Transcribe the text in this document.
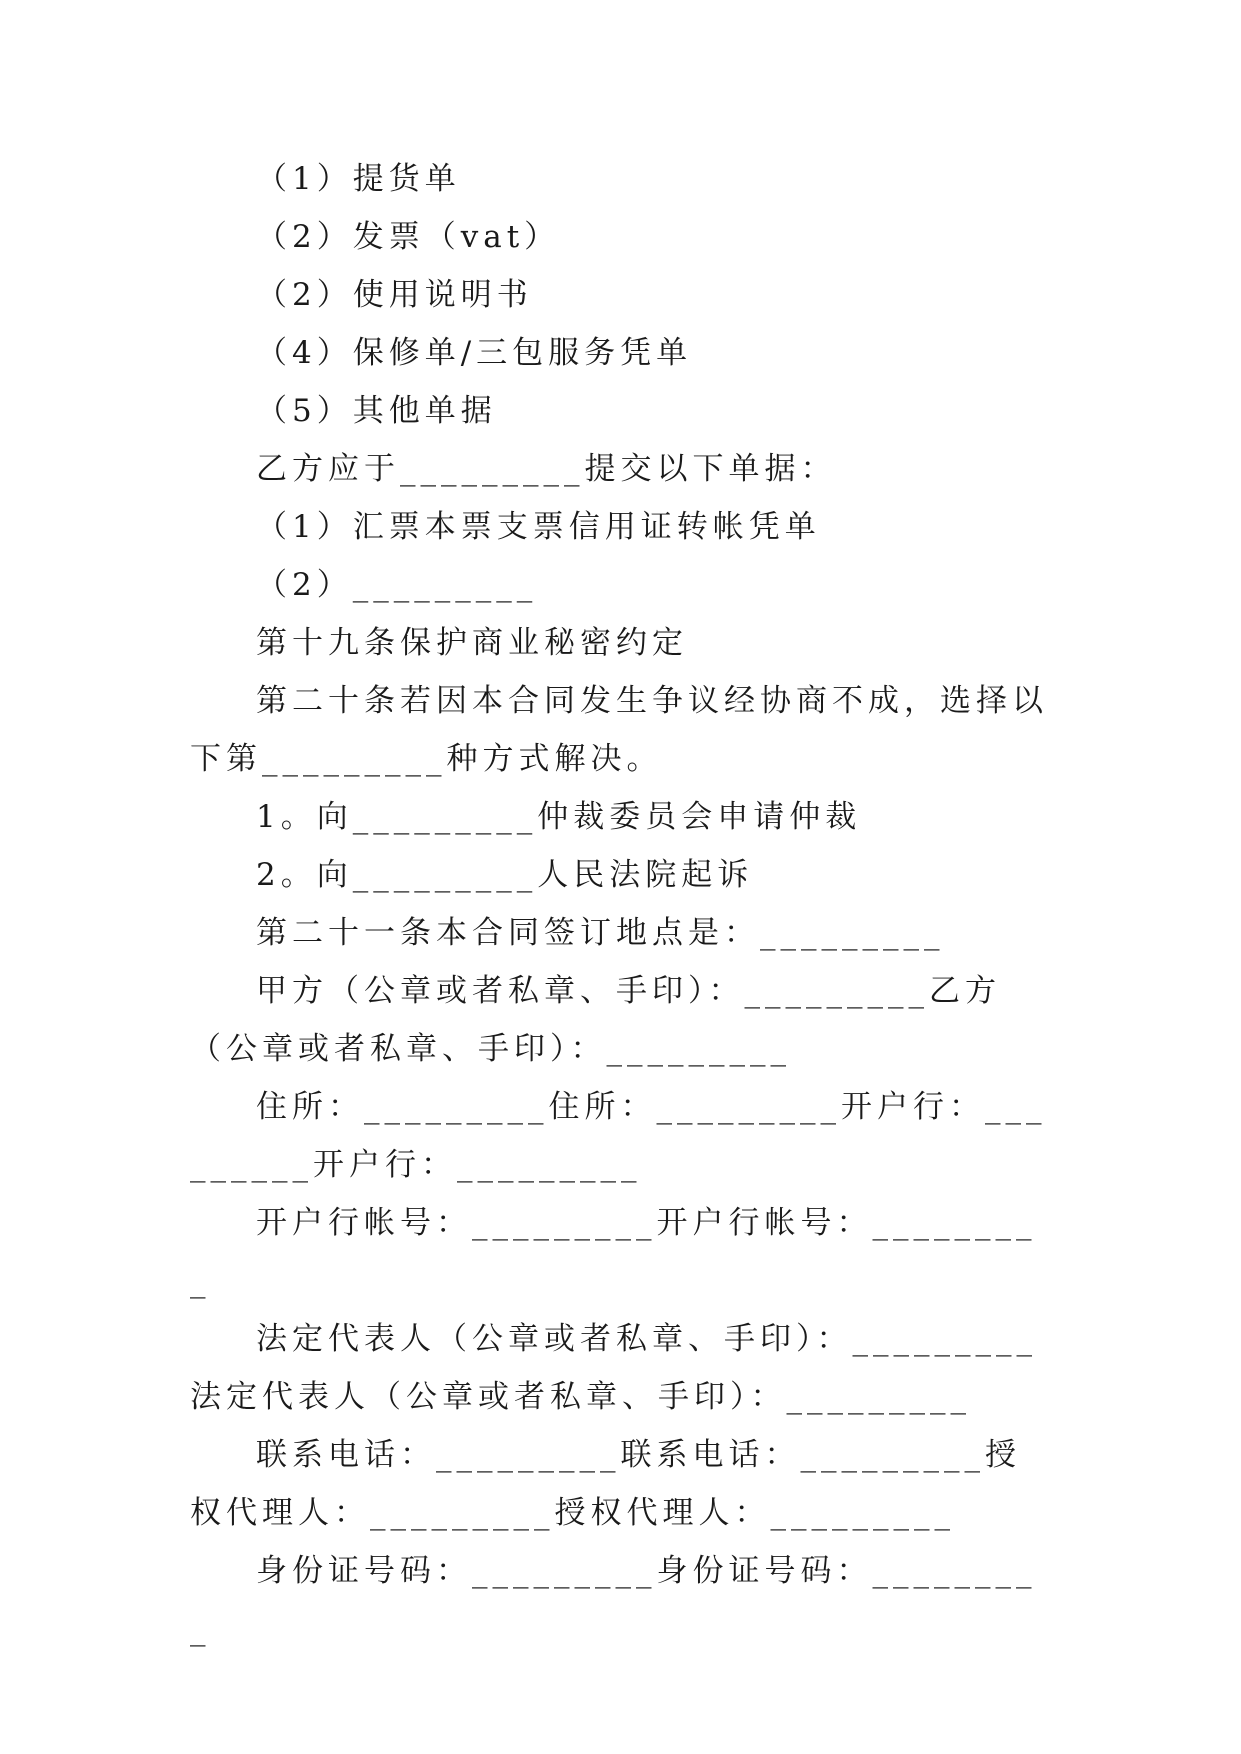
（1）提货单

（2）发票（vat）

（2）使用说明书

（4）保修单/三包服务凭单

（5）其他单据

乙方应于_________提交以下单据：

（1）汇票本票支票信用证转帐凭单

（2）_________

第十九条保护商业秘密约定

第二十条若因本合同发生争议经协商不成，选择以下第_________种方式解决。

1。向_________仲裁委员会申请仲裁

2。向_________人民法院起诉

第二十一条本合同签订地点是：_________

甲方（公章或者私章、手印）：_________乙方（公章或者私章、手印）：_________

住所：_________住所：_________开户行：_________开户行：_________

开户行帐号：_________开户行帐号：_________

法定代表人（公章或者私章、手印）：_________法定代表人（公章或者私章、手印）：_________

联系电话：_________联系电话：_________授权代理人：_________授权代理人：_________

身份证号码：_________身份证号码：_________
